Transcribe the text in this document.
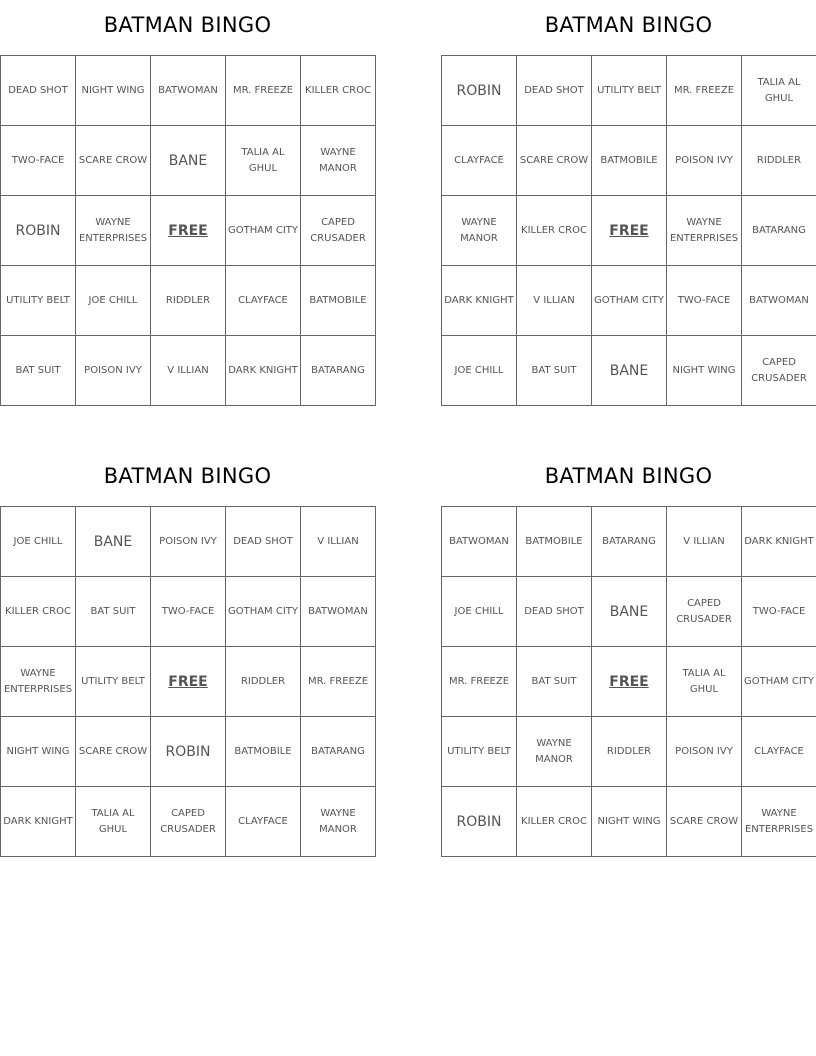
BATMAN BINGO
DEAD SHOT	NIGHT WING	BATWOMAN	MR. FREEZE	KILLER CROC
TWO-FACE	SCARE CROW	BANE	TALIA AL GHUL	WAYNE MANOR
ROBIN	WAYNE ENTERPRISES	FREE	GOTHAM CITY	CAPED CRUSADER
UTILITY BELT	JOE CHILL	RIDDLER	CLAYFACE	BATMOBILE
BAT SUIT	POISON IVY	V ILLIAN	DARK KNIGHT	BATARANG
BATMAN BINGO
ROBIN	DEAD SHOT	UTILITY BELT	MR. FREEZE	TALIA AL GHUL
CLAYFACE	SCARE CROW	BATMOBILE	POISON IVY	RIDDLER
WAYNE MANOR	KILLER CROC	FREE	WAYNE ENTERPRISES	BATARANG
DARK KNIGHT	V ILLIAN	GOTHAM CITY	TWO-FACE	BATWOMAN
JOE CHILL	BAT SUIT	BANE	NIGHT WING	CAPED CRUSADER
BATMAN BINGO
JOE CHILL	BANE	POISON IVY	DEAD SHOT	V ILLIAN
KILLER CROC	BAT SUIT	TWO-FACE	GOTHAM CITY	BATWOMAN
WAYNE ENTERPRISES	UTILITY BELT	FREE	RIDDLER	MR. FREEZE
NIGHT WING	SCARE CROW	ROBIN	BATMOBILE	BATARANG
DARK KNIGHT	TALIA AL GHUL	CAPED CRUSADER	CLAYFACE	WAYNE MANOR
BATMAN BINGO
BATWOMAN	BATMOBILE	BATARANG	V ILLIAN	DARK KNIGHT
JOE CHILL	DEAD SHOT	BANE	CAPED CRUSADER	TWO-FACE
MR. FREEZE	BAT SUIT	FREE	TALIA AL GHUL	GOTHAM CITY
UTILITY BELT	WAYNE MANOR	RIDDLER	POISON IVY	CLAYFACE
ROBIN	KILLER CROC	NIGHT WING	SCARE CROW	WAYNE ENTERPRISES
